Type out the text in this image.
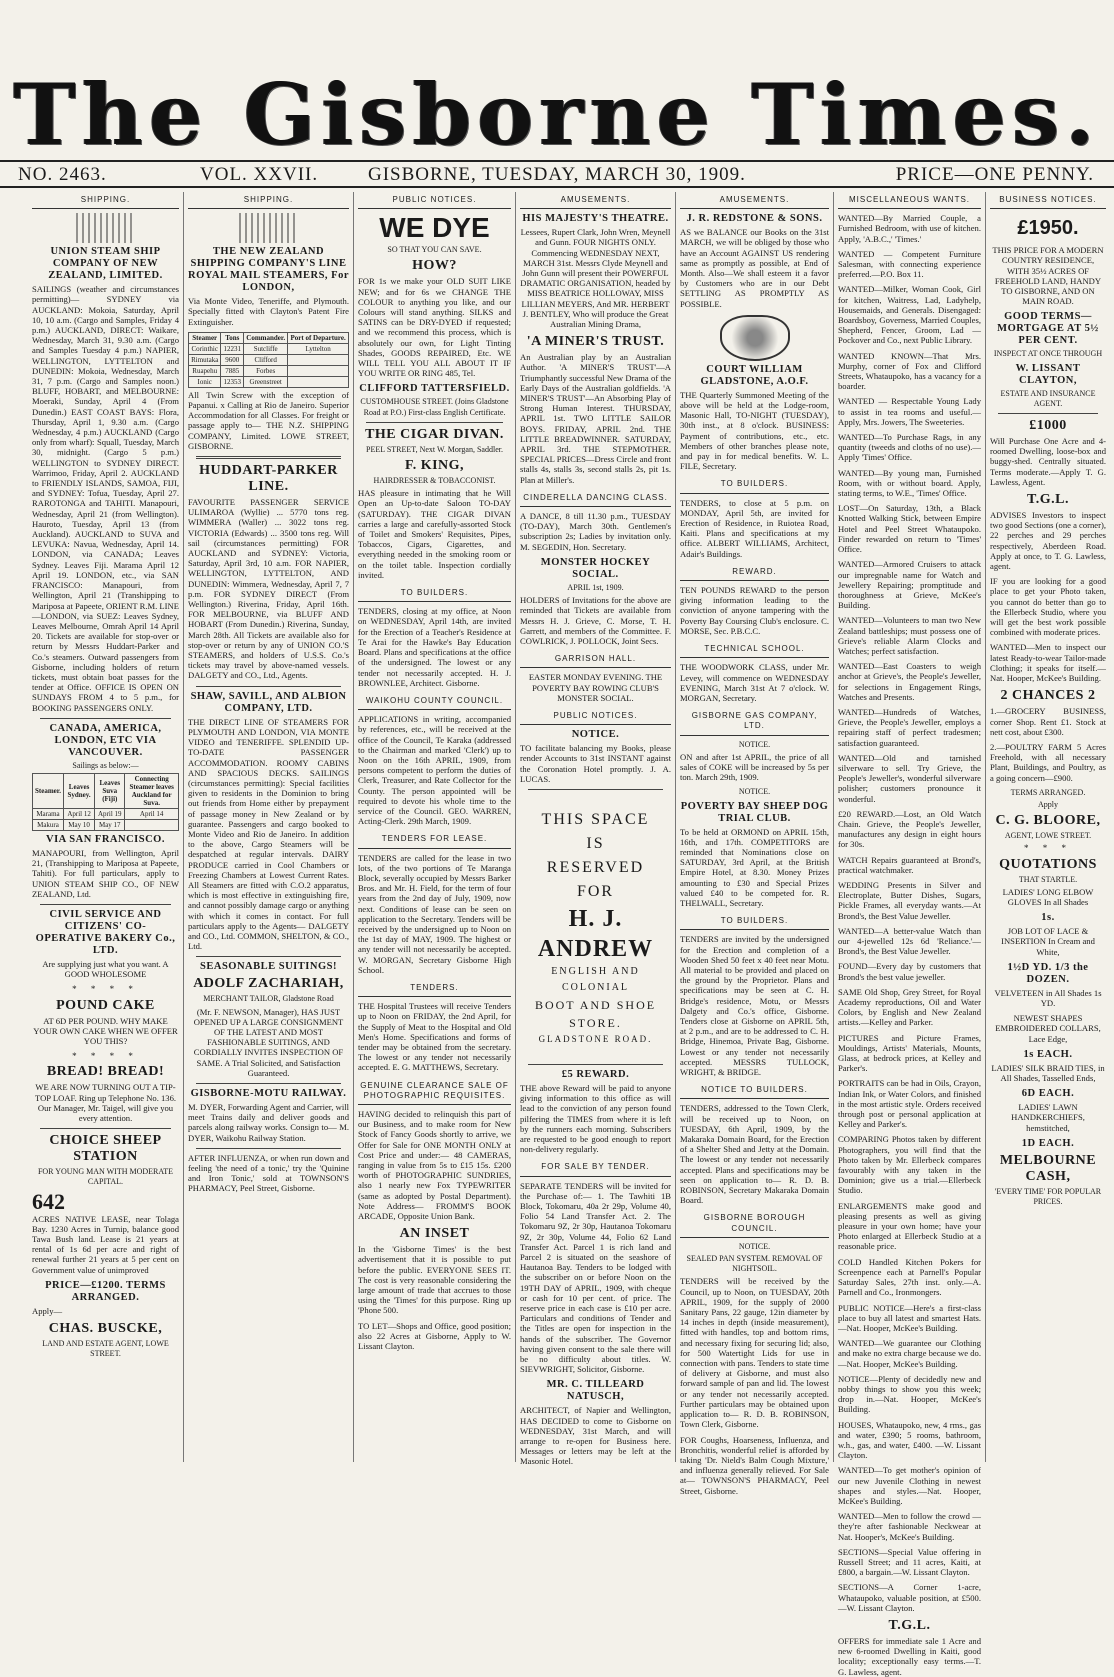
The Gisborne Times.
NO. 2463.	VOL. XXVII.	GISBORNE, TUESDAY, MARCH 30, 1909.	PRICE—ONE PENNY.
SHIPPING.
UNION STEAM SHIP COMPANY OF NEW ZEALAND, LIMITED.
SAILINGS (weather and circumstances permitting)— SYDNEY via AUCKLAND: Mokoia, Saturday, April 10, 10 a.m. (Cargo and Samples, Friday 4 p.m.) AUCKLAND, DIRECT: Waikare, Wednesday, March 31, 9.30 a.m. (Cargo and Samples Tuesday 4 p.m.) NAPIER, WELLINGTON, LYTTELTON and DUNEDIN: Mokoia, Wednesday, March 31, 7 p.m. (Cargo and Samples noon.) BLUFF, HOBART, and MELBOURNE: Moeraki, Sunday, April 4 (From Dunedin.) EAST COAST BAYS: Flora, Thursday, April 1, 9.30 a.m. (Cargo Wednesday, 4 p.m.) AUCKLAND (Cargo only from wharf): Squall, Tuesday, March 30, midnight. (Cargo 5 p.m.) WELLINGTON to SYDNEY DIRECT. Warrimoo, Friday, April 2. AUCKLAND to FRIENDLY ISLANDS, SAMOA, FIJI, and SYDNEY: Tofua, Tuesday, April 27. RAROTONGA and TAHITI. Manapouri, Wednesday, April 21 (from Wellington). Hauroto, Tuesday, April 13 (from Auckland). AUCKLAND to SUVA and LEVUKA: Navua, Wednesday, April 14. LONDON, via CANADA; Leaves Sydney. Leaves Fiji. Marama April 12 April 19. LONDON, etc., via SAN FRANCISCO: Manapouri, from Wellington, April 21 (Transhipping to Mariposa at Papeete, ORIENT R.M. LINE—LONDON, via SUEZ: Leaves Sydney, Leaves Melbourne, Omrah April 14 April 20. Tickets are available for stop-over or return by Messrs Huddart-Parker and Co.'s steamers. Outward passengers from Gisborne, including holders of return tickets, must obtain boat passes for the tender at Office. OFFICE IS OPEN ON SUNDAYS FROM 4 to 5 p.m., for BOOKING PASSENGERS ONLY.
CANADA, AMERICA, LONDON, ETC VIA VANCOUVER.
Sailings as below:—
Steamer.	Leaves Sydney.	Leaves Suva (Fiji)	Connecting Steamer leaves Auckland for Suva.
Marama	April 12	April 19	April 14
Makura	May 10	May 17	
VIA SAN FRANCISCO.
MANAPOURI, from Wellington, April 21, (Transhipping to Mariposa at Papeete, Tahiti). For full particulars, apply to UNION STEAM SHIP CO., OF NEW ZEALAND, Ltd.
CIVIL SERVICE AND CITIZENS' CO-OPERATIVE BAKERY Co., LTD.
Are supplying just what you want. A GOOD WHOLESOME
* * * *
POUND CAKE
AT 6D PER POUND. WHY MAKE YOUR OWN CAKE WHEN WE OFFER YOU THIS?
* * * *
BREAD! BREAD!
WE ARE NOW TURNING OUT A TIP-TOP LOAF. Ring up Telephone No. 136. Our Manager, Mr. Taigel, will give you every attention.
CHOICE SHEEP STATION
FOR YOUNG MAN WITH MODERATE CAPITAL.
642
ACRES NATIVE LEASE, near Tolaga Bay. 1230 Acres in Turnip, balance good Tawa Bush land. Lease is 21 years at rental of 1s 6d per acre and right of renewal further 21 years at 5 per cent on Government value of unimproved
PRICE—£1200. TERMS ARRANGED.
Apply—
CHAS. BUSCKE,
LAND AND ESTATE AGENT, LOWE STREET.
SHIPPING.
THE NEW ZEALAND SHIPPING COMPANY'S LINE ROYAL MAIL STEAMERS, For LONDON,
Via Monte Video, Teneriffe, and Plymouth. Specially fitted with Clayton's Patent Fire Extinguisher.
Steamer	Tons	Commander.	Port of Departure.
Corinthic	12231	Sutcliffe	Lyttelton
Rimutaka	9600	Clifford	
Ruapehu	7885	Forbes	
Ionic	12353	Greenstreet	
All Twin Screw with the exception of Papanui. x Calling at Rio de Janeiro. Superior Accommodation for all Classes. For freight or passage apply to— THE N.Z. SHIPPING COMPANY, Limited. LOWE STREET, GISBORNE.
HUDDART-PARKER LINE.
FAVOURITE PASSENGER SERVICE ULIMAROA (Wyllie) ... 5770 tons reg. WIMMERA (Waller) ... 3022 tons reg. VICTORIA (Edwards) ... 3500 tons reg. Will sail (circumstances permitting) FOR AUCKLAND and SYDNEY: Victoria, Saturday, April 3rd, 10 a.m. FOR NAPIER, WELLINGTON, LYTTELTON, AND DUNEDIN: Wimmera, Wednesday, April 7, 7 p.m. FOR SYDNEY DIRECT (From Wellington.) Riverina, Friday, April 16th. FOR MELBOURNE, via BLUFF AND HOBART (From Dunedin.) Riverina, Sunday, March 28th. All Tickets are available also for stop-over or return by any of UNION CO.'S STEAMERS, and holders of U.S.S. Co.'s tickets may travel by above-named vessels. DALGETY and CO., Ltd., Agents.
SHAW, SAVILL, AND ALBION COMPANY, LTD.
THE DIRECT LINE OF STEAMERS FOR PLYMOUTH AND LONDON, VIA MONTE VIDEO and TENERIFFE. SPLENDID UP-TO-DATE PASSENGER ACCOMMODATION. ROOMY CABINS AND SPACIOUS DECKS. SAILINGS (circumstances permitting): Special facilities given to residents in the Dominion to bring out friends from Home either by prepayment of passage money in New Zealand or by guarantee. Passengers and cargo booked to Monte Video and Rio de Janeiro. In addition to the above, Cargo Steamers will be despatched at regular intervals. DAIRY PRODUCE carried in Cool Chambers or Freezing Chambers at Lowest Current Rates. All Steamers are fitted with C.O.2 apparatus, which is most effective in extinguishing fire, and cannot possibly damage cargo or anything with which it comes in contact. For full particulars apply to the Agents— DALGETY and CO., Ltd. COMMON, SHELTON, & CO., Ltd.
SEASONABLE SUITINGS!
ADOLF ZACHARIAH,
MERCHANT TAILOR, Gladstone Road
(Mr. F. NEWSON, Manager), HAS JUST OPENED UP A LARGE CONSIGNMENT OF THE LATEST AND MOST FASHIONABLE SUITINGS, AND CORDIALLY INVITES INSPECTION OF SAME. A Trial Solicited, and Satisfaction Guaranteed.
GISBORNE-MOTU RAILWAY.
M. DYER, Forwarding Agent and Carrier, will meet Trains daily and deliver goods and parcels along railway works. Consign to— M. DYER, Waikohu Railway Station.
AFTER INFLUENZA, or when run down and feeling 'the need of a tonic,' try the 'Quinine and Iron Tonic,' sold at TOWNSON'S PHARMACY, Peel Street, Gisborne.
PUBLIC NOTICES.
WE DYE
SO THAT YOU CAN SAVE.
HOW?
FOR 1s we make your OLD SUIT LIKE NEW; and for 6s we CHANGE THE COLOUR to anything you like, and our Colours will stand anything. SILKS and SATINS can be DRY-DYED if requested; and we recommend this process, which is absolutely our own, for Light Tinting Shades, GOODS REPAIRED, Etc. WE WILL TELL YOU ALL ABOUT IT IF YOU WRITE OR RING 485, Tel.
CLIFFORD TATTERSFIELD.
CUSTOMHOUSE STREET. (Joins Gladstone Road at P.O.) First-class English Certificate.
THE CIGAR DIVAN.
PEEL STREET, Next W. Morgan, Saddler.
F. KING,
HAIRDRESSER & TOBACCONIST.
HAS pleasure in intimating that he Will Open an Up-to-date Saloon TO-DAY (SATURDAY). THE CIGAR DIVAN carries a large and carefully-assorted Stock of Toilet and Smokers' Requisites, Pipes, Tobaccos, Cigars, Cigarettes, and everything needed in the smoking room or on the toilet table. Inspection cordially invited.
TO BUILDERS.
TENDERS, closing at my office, at Noon on WEDNESDAY, April 14th, are invited for the Erection of a Teacher's Residence at Te Arai for the Hawke's Bay Education Board. Plans and specifications at the office of the undersigned. The lowest or any tender not necessarily accepted. H. J. BROWNLEE, Architect. Gisborne.
WAIKOHU COUNTY COUNCIL.
APPLICATIONS in writing, accompanied by references, etc., will be received at the office of the Council, Te Karaka (addressed to the Chairman and marked 'Clerk') up to Noon on the 16th APRIL, 1909, from persons competent to perform the duties of Clerk, Treasurer, and Rate Collector for the County. The person appointed will be required to devote his whole time to the service of the Council. GEO. WARREN, Acting-Clerk. 29th March, 1909.
TENDERS FOR LEASE.
TENDERS are called for the lease in two lots, of the two portions of Te Maranga Block, severally occupied by Messrs Barker Bros. and Mr. H. Field, for the term of four years from the 2nd day of July, 1909, now next. Conditions of lease can be seen on application to the Secretary. Tenders will be received by the undersigned up to Noon on the 1st day of MAY, 1909. The highest or any tender will not necessarily be accepted. W. MORGAN, Secretary Gisborne High School.
TENDERS.
THE Hospital Trustees will receive Tenders up to Noon on FRIDAY, the 2nd April, for the Supply of Meat to the Hospital and Old Men's Home. Specifications and forms of tender may be obtained from the secretary. The lowest or any tender not necessarily accepted. E. G. MATTHEWS, Secretary.
GENUINE CLEARANCE SALE OF PHOTOGRAPHIC REQUISITES.
HAVING decided to relinquish this part of our Business, and to make room for New Stock of Fancy Goods shortly to arrive, we Offer for Sale for ONE MONTH ONLY at Cost Price and under:— 48 CAMERAS, ranging in value from 5s to £15 15s. £200 worth of PHOTOGRAPHIC SUNDRIES, also 1 nearly new Fox TYPEWRITER (same as adopted by Postal Department). Note Address— FROMM'S BOOK ARCADE, Opposite Union Bank.
AN INSET
In the 'Gisborne Times' is the best advertisement that it is possible to put before the public. EVERYONE SEES IT. The cost is very reasonable considering the large amount of trade that accrues to those using the 'Times' for this purpose. Ring up 'Phone 500.
TO LET—Shops and Office, good position; also 22 Acres at Gisborne, Apply to W. Lissant Clayton.
AMUSEMENTS.
HIS MAJESTY'S THEATRE.
Lessees, Rupert Clark, John Wren, Meynell and Gunn. FOUR NIGHTS ONLY. Commencing WEDNESDAY NEXT, MARCH 31st. Messrs Clyde Meynell and John Gunn will present their POWERFUL DRAMATIC ORGANISATION, headed by MISS BEATRICE HOLLOWAY, MISS LILLIAN MEYERS, And MR. HERBERT J. BENTLEY, Who will produce the Great Australian Mining Drama,
'A MINER'S TRUST.
An Australian play by an Australian Author. 'A MINER'S TRUST'—A Triumphantly successful New Drama of the Early Days of the Australian goldfields. 'A MINER'S TRUST'—An Absorbing Play of Strong Human Interest. THURSDAY, APRIL 1st. TWO LITTLE SAILOR BOYS. FRIDAY, APRIL 2nd. THE LITTLE BREADWINNER. SATURDAY, APRIL 3rd. THE STEPMOTHER. SPECIAL PRICES—Dress Circle and front stalls 4s, stalls 3s, second stalls 2s, pit 1s. Plan at Miller's.
CINDERELLA DANCING CLASS.
A DANCE, 8 till 11.30 p.m., TUESDAY (TO-DAY), March 30th. Gentlemen's subscription 2s; Ladies by invitation only. M. SEGEDIN, Hon. Secretary.
MONSTER HOCKEY SOCIAL.
APRIL 1st, 1909.
HOLDERS of Invitations for the above are reminded that Tickets are available from Messrs H. J. Grieve, C. Morse, T. H. Garrett, and members of the Committee. F. COWLRICK, J. POLLOCK, Joint Secs.
GARRISON HALL.
EASTER MONDAY EVENING. THE POVERTY BAY ROWING CLUB'S MONSTER SOCIAL.
PUBLIC NOTICES.
NOTICE.
TO facilitate balancing my Books, please render Accounts to 31st INSTANT against the Coronation Hotel promptly. J. A. LUCAS.
THIS SPACE
IS
RESERVED
FOR
H. J. ANDREW
ENGLISH AND COLONIAL
BOOT AND SHOE STORE.
GLADSTONE ROAD.
£5 REWARD.
THE above Reward will be paid to anyone giving information to this office as will lead to the conviction of any person found pilfering the TIMES from where it is left by the runners each morning. Subscribers are requested to be good enough to report non-delivery regularly.
FOR SALE BY TENDER.
SEPARATE TENDERS will be invited for the Purchase of:— 1. The Tawhiti 1B Block, Tokomaru, 40a 2r 29p, Volume 40, Folio 54 Land Transfer Act. 2. The Tokomaru 9Z, 2r 30p, Hautanoa Tokomaru 9Z, 2r 30p, Volume 44, Folio 62 Land Transfer Act. Parcel 1 is rich land and Parcel 2 is situated on the seashore of Hautanoa Bay. Tenders to be lodged with the subscriber on or before Noon on the 19TH DAY of APRIL, 1909, with cheque or cash for 10 per cent. of price. The reserve price in each case is £10 per acre. Particulars and conditions of Tender and the Titles are open for inspection in the hands of the subscriber. The Governor having given consent to the sale there will be no difficulty about titles. W. SIEVWRIGHT, Solicitor, Gisborne.
MR. C. TILLEARD NATUSCH,
ARCHITECT, of Napier and Wellington, HAS DECIDED to come to Gisborne on WEDNESDAY, 31st March, and will arrange to re-open for Business here. Messages or letters may be left at the Masonic Hotel.
AMUSEMENTS.
J. R. REDSTONE & SONS.
AS we BALANCE our Books on the 31st MARCH, we will be obliged by those who have an Account AGAINST US rendering same as promptly as possible, at End of Month. Also—We shall esteem it a favor by Customers who are in our Debt SETTLING AS PROMPTLY AS POSSIBLE.
COURT WILLIAM GLADSTONE, A.O.F.
THE Quarterly Summoned Meeting of the above will be held at the Lodge-room, Masonic Hall, TO-NIGHT (TUESDAY), 30th inst., at 8 o'clock. BUSINESS: Payment of contributions, etc., etc. Members of other branches please note, and pay in for medical benefits. W. L. FILE, Secretary.
TO BUILDERS.
TENDERS, to close at 5 p.m. on MONDAY, April 5th, are invited for Erection of Residence, in Ruiotea Road, Kaiti. Plans and specifications at my office. ALBERT WILLIAMS, Architect, Adair's Buildings.
REWARD.
TEN POUNDS REWARD to the person giving information leading to the conviction of anyone tampering with the Poverty Bay Coursing Club's enclosure. C. MORSE, Sec. P.B.C.C.
TECHNICAL SCHOOL.
THE WOODWORK CLASS, under Mr. Levey, will commence on WEDNESDAY EVENING, March 31st At 7 o'clock. W. MORGAN, Secretary.
GISBORNE GAS COMPANY, LTD.
NOTICE.
ON and after 1st APRIL, the price of all sales of COKE will be increased by 5s per ton. March 29th, 1909.
NOTICE.
POVERTY BAY SHEEP DOG TRIAL CLUB.
To be held at ORMOND on APRIL 15th, 16th, and 17th. COMPETITORS are reminded that Nominations close on SATURDAY, 3rd April, at the British Empire Hotel, at 8.30. Money Prizes amounting to £30 and Special Prizes valued £40 to be competed for. R. THELWALL, Secretary.
TO BUILDERS.
TENDERS are invited by the undersigned for the Erection and completion of a Wooden Shed 50 feet x 40 feet near Motu. All material to be provided and placed on the ground by the Proprietor. Plans and specifications may be seen at C. H. Bridge's residence, Motu, or Messrs Dalgety and Co.'s office, Gisborne. Tenders close at Gisborne on APRIL 5th, at 2 p.m., and are to be addressed to C. H. Bridge, Hinemoa, Private Bag, Gisborne. Lowest or any tender not necessarily accepted. MESSRS TULLOCK, WRIGHT, & BRIDGE.
NOTICE TO BUILDERS.
TENDERS, addressed to the Town Clerk, will be received up to Noon, on TUESDAY, 6th April, 1909, by the Makaraka Domain Board, for the Erection of a Shelter Shed and Jetty at the Domain. The lowest or any tender not necessarily accepted. Plans and specifications may be seen on application to— R. D. B. ROBINSON, Secretary Makaraka Domain Board.
GISBORNE BOROUGH COUNCIL.
NOTICE.
SEALED PAN SYSTEM. REMOVAL OF NIGHTSOIL.
TENDERS will be received by the Council, up to Noon, on TUESDAY, 20th APRIL, 1909, for the supply of 2000 Sanitary Pans, 22 gauge, 12in diameter by 14 inches in depth (inside measurement), fitted with handles, top and bottom rims, and necessary fixing for securing lid; also, for 500 Watertight Lids for use in connection with pans. Tenders to state time of delivery at Gisborne, and must also forward sample of pan and lid. The lowest or any tender not necessarily accepted. Further particulars may be obtained upon application to— R. D. B. ROBINSON, Town Clerk, Gisborne.
FOR Coughs, Hoarseness, Influenza, and Bronchitis, wonderful relief is afforded by taking 'Dr. Nield's Balm Cough Mixture,' and influenza generally relieved. For Sale at— TOWNSON'S PHARMACY, Peel Street, Gisborne.
MISCELLANEOUS WANTS.
WANTED—By Married Couple, a Furnished Bedroom, with use of kitchen. Apply, 'A.B.C.,' 'Times.'
WANTED — Competent Furniture Salesman, with connecting experience preferred.—P.O. Box 11.
WANTED—Milker, Woman Cook, Girl for kitchen, Waitress, Lad, Ladyhelp, Housemaids, and Generals. Disengaged: Boardsboy, Governess, Married Couples, Shepherd, Fencer, Groom, Lad — Pockover and Co., next Public Library.
WANTED KNOWN—That Mrs. Murphy, corner of Fox and Clifford Streets, Whataupoko, has a vacancy for a boarder.
WANTED — Respectable Young Lady to assist in tea rooms and useful.—Apply, Mrs. Jowers, The Sweeteries.
WANTED—To Purchase Rags, in any quantity (tweeds and cloths of no use).—Apply 'Times' Office.
WANTED—By young man, Furnished Room, with or without board. Apply, stating terms, to W.E., 'Times' Office.
LOST—On Saturday, 13th, a Black Knotted Walking Stick, between Empire Hotel and Peel Street Whataupoko. Finder rewarded on return to 'Times' Office.
WANTED—Armored Cruisers to attack our impregnable name for Watch and Jewellery Repairing; promptitude and thoroughness at Grieve, McKee's Building.
WANTED—Volunteers to man two New Zealand battleships; must possess one of Grieve's reliable Alarm Clocks and Watches; perfect satisfaction.
WANTED—East Coasters to weigh anchor at Grieve's, the People's Jeweller, for selections in Engagement Rings, Watches and Presents.
WANTED—Hundreds of Watches, Grieve, the People's Jeweller, employs a repairing staff of perfect tradesmen; satisfaction guaranteed.
WANTED—Old and tarnished silverware to sell. Try Grieve, the People's Jeweller's, wonderful silverware polisher; customers pronounce it wonderful.
£20 REWARD.—Lost, an Old Watch Chain. Grieve, the People's Jeweller, manufactures any design in eight hours for 30s.
WATCH Repairs guaranteed at Brond's, practical watchmaker.
WEDDING Presents in Silver and Electroplate, Butter Dishes, Sugars, Pickle Frames, all everyday wants.—At Brond's, the Best Value Jeweller.
WANTED—A better-value Watch than our 4-jewelled 12s 6d 'Reliance.'—Brond's, the Best Value Jeweller.
FOUND—Every day by customers that Brond's the best value jeweller.
SAME Old Shop, Grey Street, for Royal Academy reproductions, Oil and Water Colors, by English and New Zealand artists.—Kelley and Parker.
PICTURES and Picture Frames, Mouldings, Artists' Materials, Mounts, Glass, at bedrock prices, at Kelley and Parker's.
PORTRAITS can be had in Oils, Crayon, Indian Ink, or Water Colors, and finished in the most artistic style. Orders received through post or personal application at Kelley and Parker's.
COMPARING Photos taken by different Photographers, you will find that the Photo taken by Mr. Ellerbeck compares favourably with any taken in the Dominion; give us a trial.—Ellerbeck Studio.
ENLARGEMENTS make good and pleasing presents as well as giving pleasure in your own home; have your Photo enlarged at Ellerbeck Studio at a reasonable price.
COLD Handled Kitchen Pokers for Screenpence each at Parnell's Popular Saturday Sales, 27th inst. only.—A. Parnell and Co., Ironmongers.
PUBLIC NOTICE—Here's a first-class place to buy all latest and smartest Hats.—Nat. Hooper, McKee's Building.
WANTED—We guarantee our Clothing and make no extra charge because we do.—Nat. Hooper, McKee's Building.
NOTICE—Plenty of decidedly new and nobby things to show you this week; drop in.—Nat. Hooper, McKee's Building.
HOUSES, Whataupoko, new, 4 rms., gas and water, £390; 5 rooms, bathroom, w.h., gas, and water, £400. —W. Lissant Clayton.
WANTED—To get mother's opinion of our new Juvenile Clothing in newest shapes and styles.—Nat. Hooper, McKee's Building.
WANTED—Men to follow the crowd —they're after fashionable Neckwear at Nat. Hooper's, McKee's Building.
SECTIONS—Special Value offering in Russell Street; and 11 acres, Kaiti, at £800, a bargain.—W. Lissant Clayton.
SECTIONS—A Corner 1-acre, Whataupoko, valuable position, at £500.—W. Lissant Clayton.
T.G.L.
OFFERS for immediate sale 1 Acre and new 6-roomed Dwelling in Kaiti, good locality; exceptionally easy terms.—T. G. Lawless, agent.
BUSINESS NOTICES.
£1950.
THIS PRICE FOR A MODERN COUNTRY RESIDENCE, WITH 35½ ACRES OF FREEHOLD LAND, HANDY TO GISBORNE, AND ON MAIN ROAD.
GOOD TERMS—MORTGAGE AT 5½ PER CENT.
INSPECT AT ONCE THROUGH
W. LISSANT CLAYTON,
ESTATE AND INSURANCE AGENT.
£1000
Will Purchase One Acre and 4-roomed Dwelling, loose-box and buggy-shed. Centrally situated. Terms moderate.—Apply T. G. Lawless, Agent.
T.G.L.
ADVISES Investors to inspect two good Sections (one a corner), 22 perches and 29 perches respectively, Aberdeen Road. Apply at once, to T. G. Lawless, agent.
IF you are looking for a good place to get your Photo taken, you cannot do better than go to the Ellerbeck Studio, where you will get the best work possible combined with moderate prices.
WANTED—Men to inspect our latest Ready-to-wear Tailor-made Clothing; it speaks for itself.—Nat. Hooper, McKee's Building.
2 CHANCES 2
1.—GROCERY BUSINESS, corner Shop. Rent £1. Stock at nett cost, about £300.
2.—POULTRY FARM 5 Acres Freehold, with all necessary Plant, Buildings, and Poultry, as a going concern—£900.
TERMS ARRANGED.
Apply
C. G. BLOORE,
AGENT, LOWE STREET.
* * *
QUOTATIONS
THAT STARTLE.
LADIES' LONG ELBOW GLOVES In all Shades
1s.
JOB LOT OF LACE & INSERTION In Cream and White,
1½D YD. 1/3 the DOZEN.
VELVETEEN in All Shades 1s YD.
NEWEST SHAPES EMBROIDERED COLLARS, Lace Edge,
1s EACH.
LADIES' SILK BRAID TIES, in All Shades, Tasselled Ends,
6D EACH.
LADIES' LAWN HANDKERCHIEFS, hemstitched,
1D EACH.
MELBOURNE CASH,
'EVERY TIME' FOR POPULAR PRICES.
